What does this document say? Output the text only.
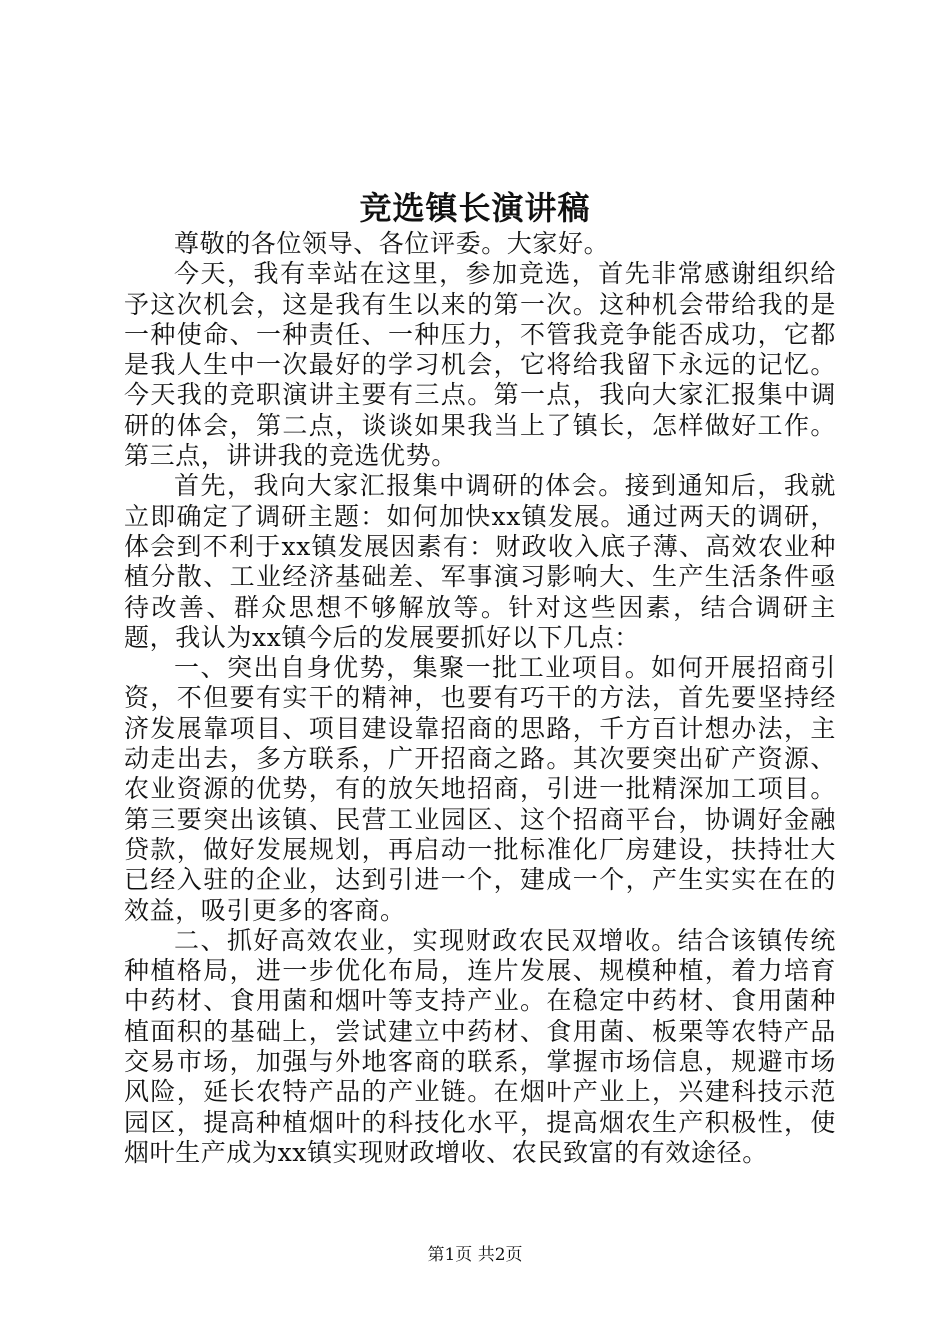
竞选镇长演讲稿

尊敬的各位领导、各位评委。大家好。

今天，我有幸站在这里，参加竞选，首先非常感谢组织给予这次机会，这是我有生以来的第一次。这种机会带给我的是一种使命、一种责任、一种压力，不管我竞争能否成功，它都是我人生中一次最好的学习机会，它将给我留下永远的记忆。今天我的竞职演讲主要有三点。第一点，我向大家汇报集中调研的体会，第二点，谈谈如果我当上了镇长，怎样做好工作。第三点，讲讲我的竞选优势。

首先，我向大家汇报集中调研的体会。接到通知后，我就立即确定了调研主题：如何加快xx镇发展。通过两天的调研，体会到不利于xx镇发展因素有：财政收入底子薄、高效农业种植分散、工业经济基础差、军事演习影响大、生产生活条件亟待改善、群众思想不够解放等。针对这些因素，结合调研主题，我认为xx镇今后的发展要抓好以下几点：

一、突出自身优势，集聚一批工业项目。如何开展招商引资，不但要有实干的精神，也要有巧干的方法，首先要坚持经济发展靠项目、项目建设靠招商的思路，千方百计想办法，主动走出去，多方联系，广开招商之路。其次要突出矿产资源、农业资源的优势，有的放矢地招商，引进一批精深加工项目。第三要突出该镇、民营工业园区、这个招商平台，协调好金融贷款，做好发展规划，再启动一批标准化厂房建设，扶持壮大已经入驻的企业，达到引进一个，建成一个，产生实实在在的效益，吸引更多的客商。

二、抓好高效农业，实现财政农民双增收。结合该镇传统种植格局，进一步优化布局，连片发展、规模种植，着力培育中药材、食用菌和烟叶等支持产业。在稳定中药材、食用菌种植面积的基础上，尝试建立中药材、食用菌、板栗等农特产品交易市场，加强与外地客商的联系，掌握市场信息，规避市场风险，延长农特产品的产业链。在烟叶产业上，兴建科技示范园区，提高种植烟叶的科技化水平，提高烟农生产积极性，使烟叶生产成为xx镇实现财政增收、农民致富的有效途径。

第1页 共2页
